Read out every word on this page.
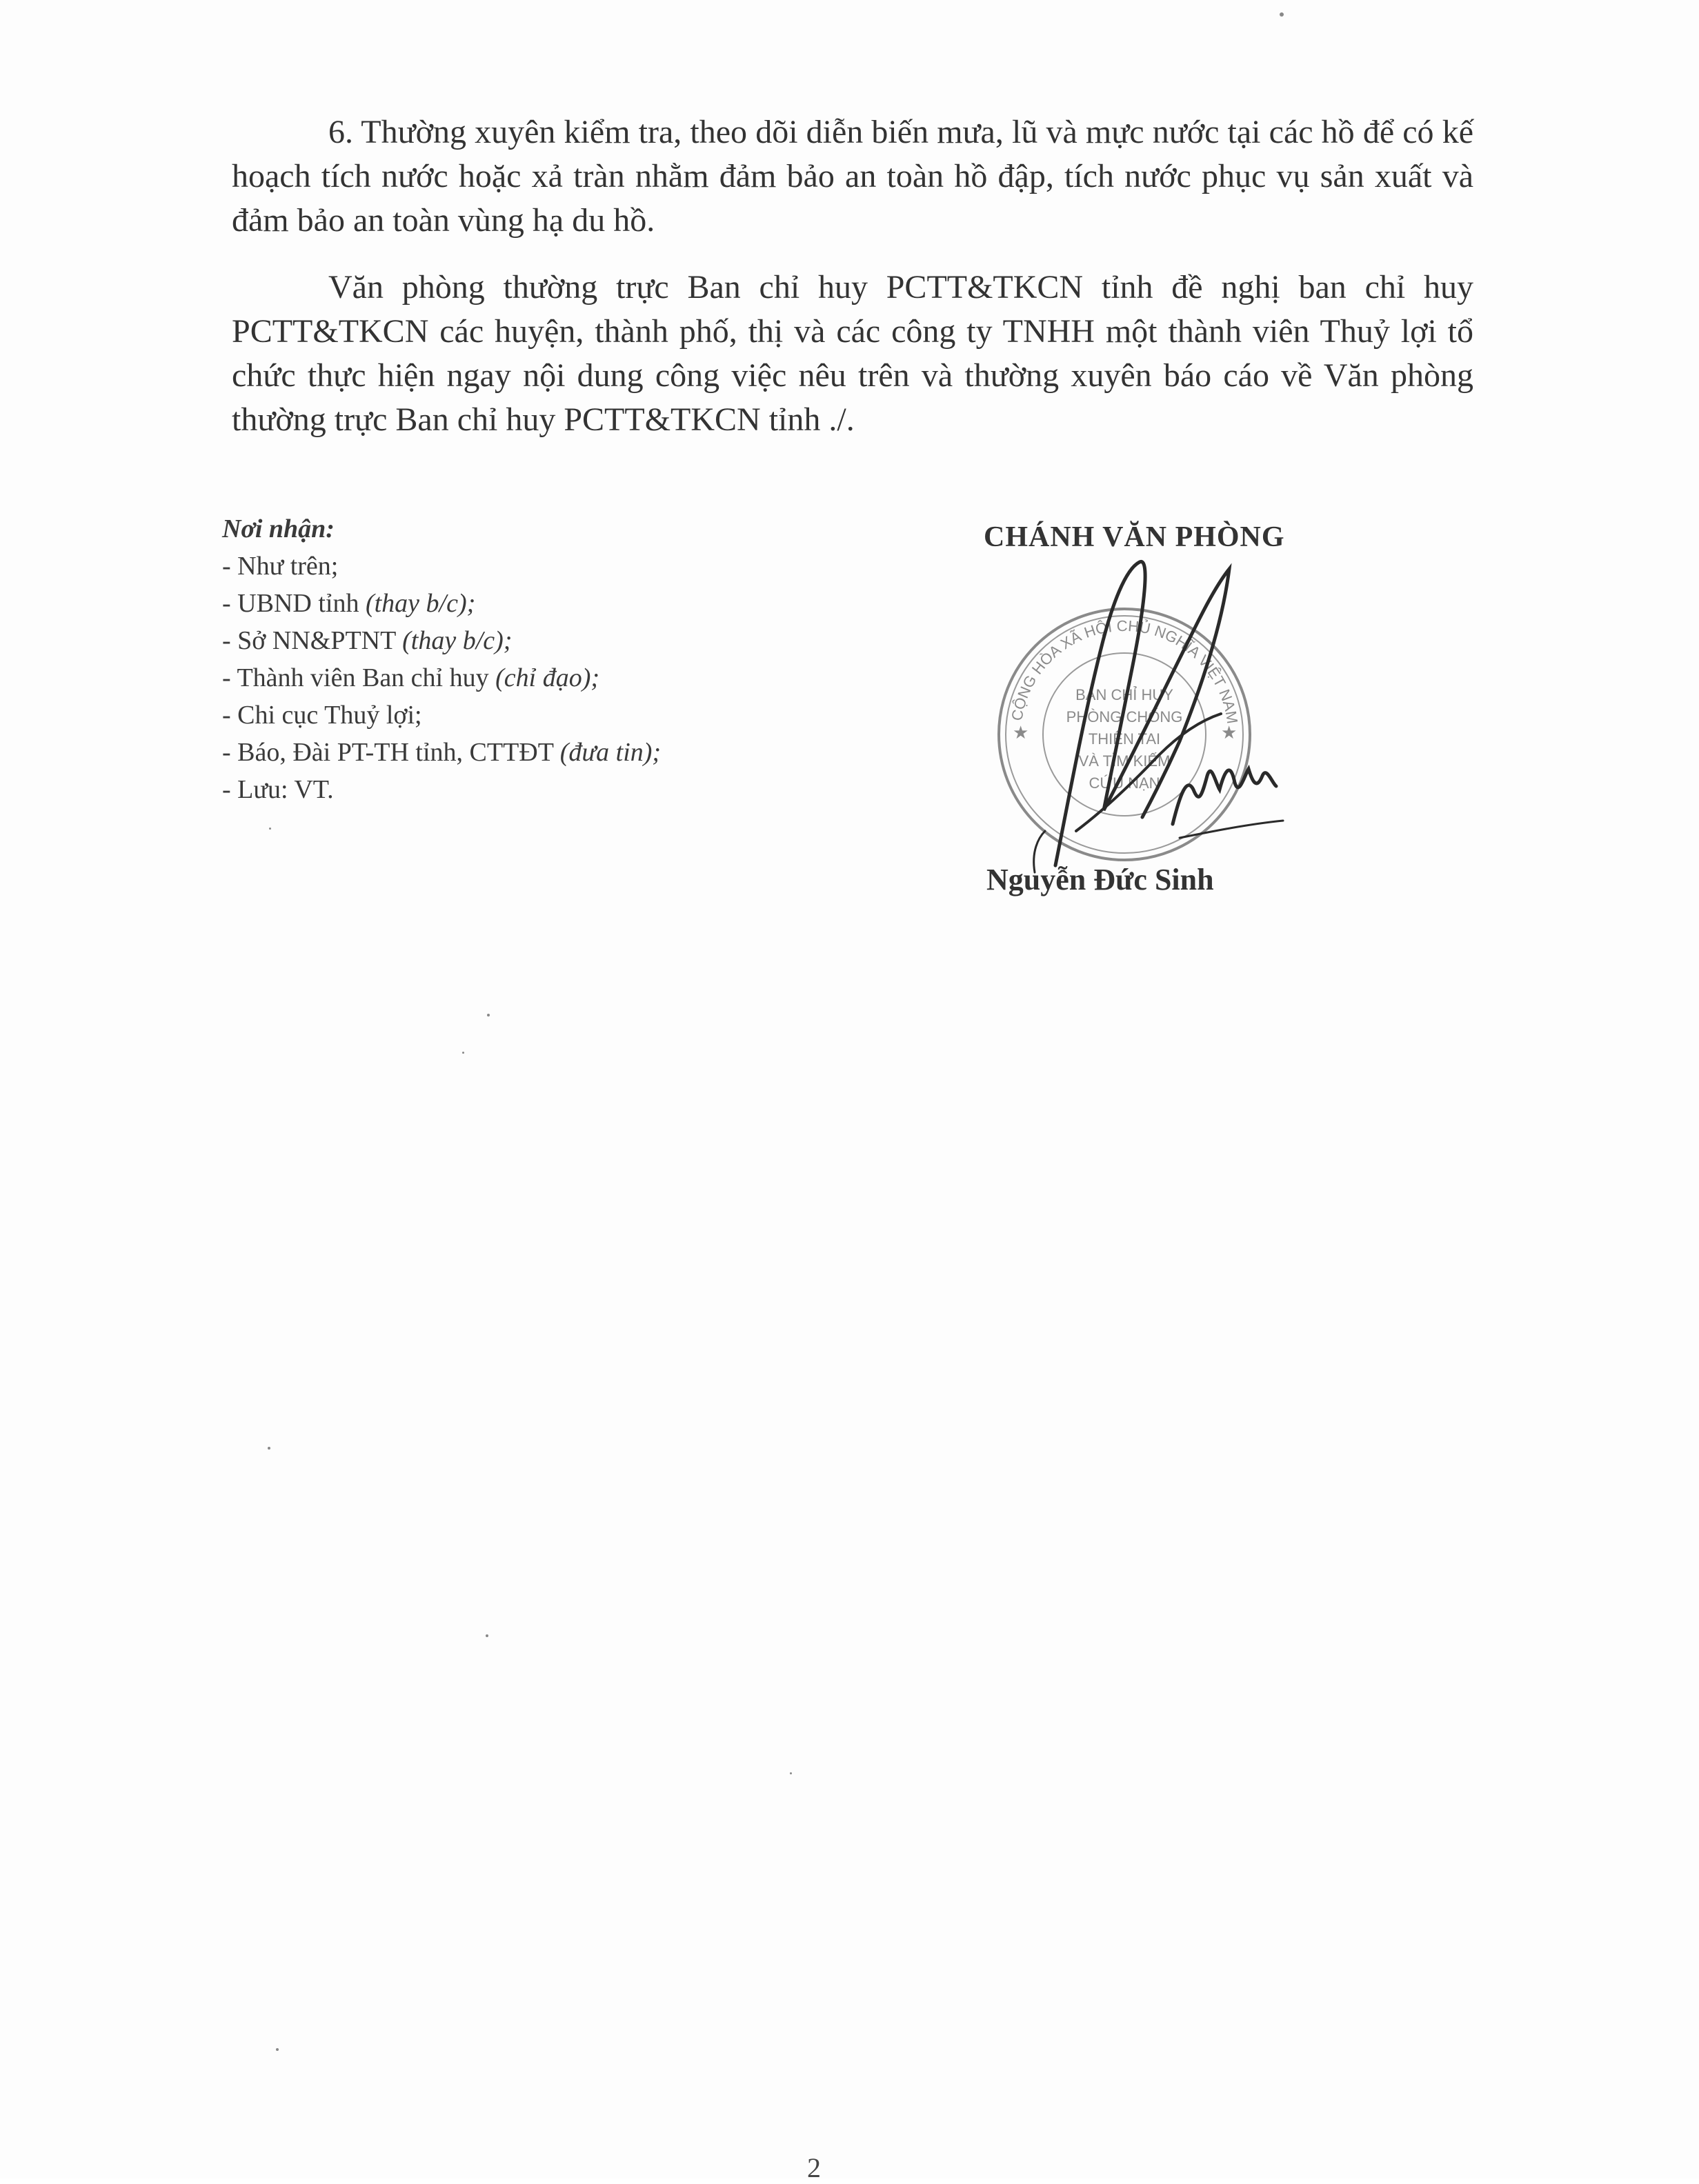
6. Thường xuyên kiểm tra, theo dõi diễn biến mưa, lũ và mực nước tại các hồ để có kế hoạch tích nước hoặc xả tràn nhằm đảm bảo an toàn hồ đập, tích nước phục vụ sản xuất và đảm bảo an toàn vùng hạ du hồ.

Văn phòng thường trực Ban chỉ huy PCTT&TKCN tỉnh đề nghị ban chỉ huy PCTT&TKCN các huyện, thành phố, thị và các công ty TNHH một thành viên Thuỷ lợi tổ chức thực hiện ngay nội dung công việc nêu trên và thường xuyên báo cáo về Văn phòng thường trực Ban chỉ huy PCTT&TKCN tỉnh ./.

Nơi nhận:
- Như trên;
- UBND tỉnh (thay b/c);
- Sở NN&PTNT (thay b/c);
- Thành viên Ban chỉ huy (chỉ đạo);
- Chi cục Thuỷ lợi;
- Báo, Đài PT-TH tỉnh, CTTĐT (đưa tin);
- Lưu: VT.
CHÁNH VĂN PHÒNG
CỘNG HÒA XÃ HỘI CHỦ NGHĨA VIỆT NAM
BAN CHỈ HUY
PHÒNG CHỐNG
THIÊN TAI
VÀ TÌM KIẾM
CỨU NẠN
★	★
Nguyễn Đức Sinh
2
